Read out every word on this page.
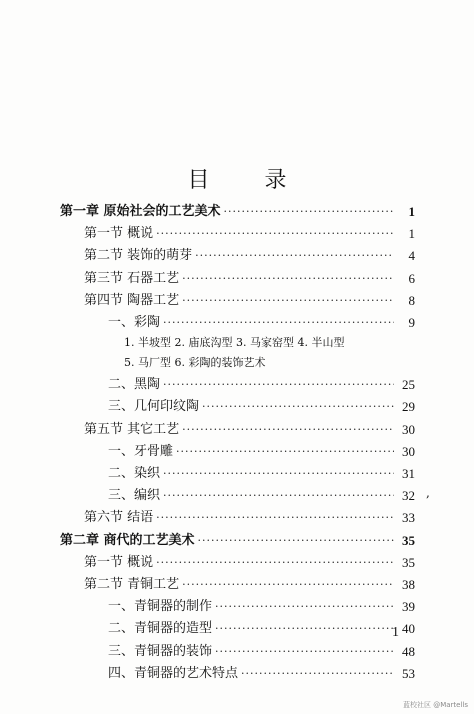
目 录
第一章 原始社会的工艺美术 ·····	1
第一节 概说 ·····	1
第二节 装饰的萌芽 ·····	4
第三节 石器工艺 ·····	6
第四节 陶器工艺 ·····	8
一、彩陶 ·····	9
1. 半坡型 2. 庙底沟型 3. 马家窑型 4. 半山型
5. 马厂型 6. 彩陶的装饰艺术
二、黑陶 ·····	25
三、几何印纹陶 ·····	29
第五节 其它工艺 ·····	30
一、牙骨雕 ·····	30
二、染织 ·····	31
三、编织 ·····	32
第六节 结语 ·····	33
第二章 商代的工艺美术 ·····	35
第一节 概说 ·····	35
第二节 青铜工艺 ·····	38
一、青铜器的制作 ·····	39
二、青铜器的造型 ·····	40
三、青铜器的装饰 ·····	48
四、青铜器的艺术特点 ·····	53
,
1
蓝校社区 @Martells
